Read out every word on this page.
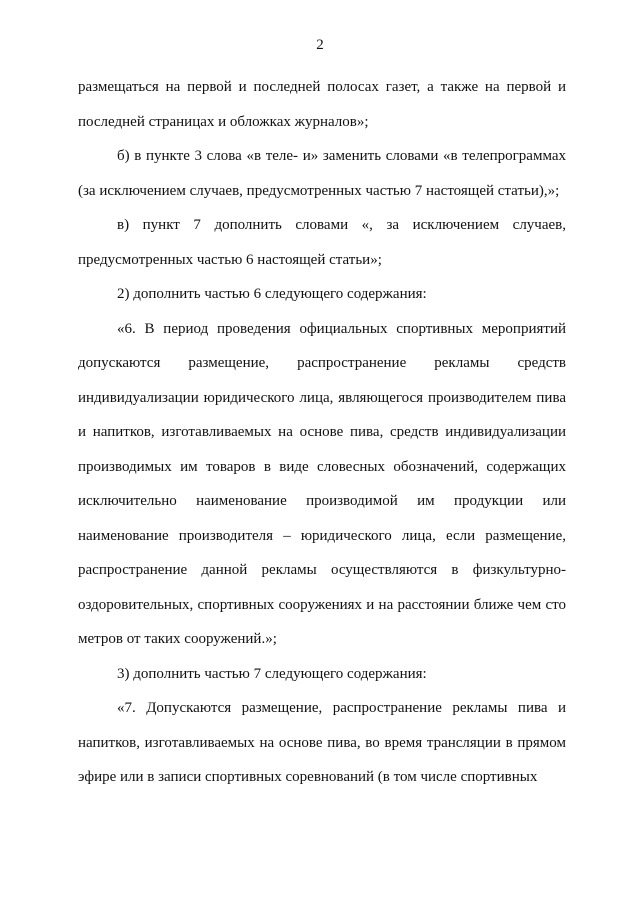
2

размещаться на первой и последней полосах газет, а также на первой и последней страницах и обложках журналов»;

б) в пункте 3 слова «в теле- и» заменить словами «в телепрограммах (за исключением случаев, предусмотренных частью 7 настоящей статьи),»;

в) пункт 7 дополнить словами «, за исключением случаев, предусмотренных частью 6 настоящей статьи»;

2) дополнить частью 6 следующего содержания:

«6. В период проведения официальных спортивных мероприятий допускаются размещение, распространение рекламы средств индивидуализации юридического лица, являющегося производителем пива и напитков, изготавливаемых на основе пива, средств индивидуализации производимых им товаров в виде словесных обозначений, содержащих исключительно наименование производимой им продукции или наименование производителя – юридического лица, если размещение, распространение данной рекламы осуществляются в физкультурно-оздоровительных, спортивных сооружениях и на расстоянии ближе чем сто метров от таких сооружений.»;

3) дополнить частью 7 следующего содержания:

«7. Допускаются размещение, распространение рекламы пива и напитков, изготавливаемых на основе пива, во время трансляции в прямом эфире или в записи спортивных соревнований (в том числе спортивных
